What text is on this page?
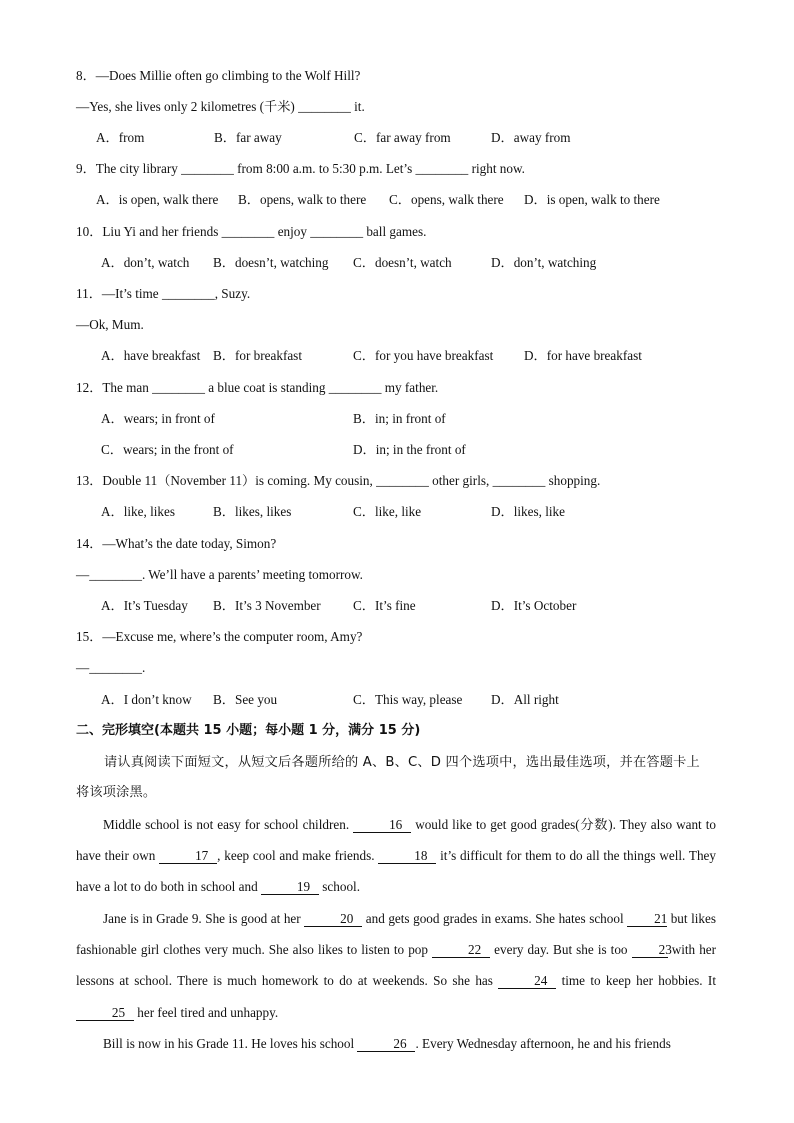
8．—Does Millie often go climbing to the Wolf Hill?
—Yes, she lives only 2 kilometres (千米) ________ it.
A．from	B．far away	C．far away from	D．away from
9．The city library ________ from 8:00 a.m. to 5:30 p.m. Let’s ________ right now.
A．is open, walk there B．opens, walk to there C．opens, walk there D．is open, walk to there
10．Liu Yi and her friends ________ enjoy ________ ball games.
A．don’t, watch B．doesn’t, watching C．doesn’t, watch	D．don’t, watching
11．—It’s time ________, Suzy.
—Ok, Mum.
A．have breakfast B．for breakfast	C．for you have breakfast D．for have breakfast
12．The man ________ a blue coat is standing ________ my father.
A．wears; in front of	B．in; in front of
C．wears; in the front of	D．in; in the front of
13．Double 11（November 11）is coming. My cousin, ________ other girls, ________ shopping.
A．like, likes	B．likes, likes	C．like, like	D．likes, like
14．—What’s the date today, Simon?
—________. We’ll have a parents’ meeting tomorrow.
A．It’s Tuesday B．It’s 3 November C．It’s fine	D．It’s October
15．—Excuse me, where’s the computer room, Amy?
—________.
A．I don’t know B．See you	C．This way, please D．All right
二、完形填空(本题共 15 小题；每小题 1 分，满分 15 分)
请认真阅读下面短文，从短文后各题所给的 A、B、C、D 四个选项中，选出最佳选项，并在答题卡上
将该项涂黑。
Middle school is not easy for school children.	16 would like to get good grades(分数). They also want to have their own	17 , keep cool and make friends.	18 it’s difficult for them to do all the things well. They have a lot to do both in school and	19 school.
Jane is in Grade 9. She is good at her	20 and gets good grades in exams. She hates school 21 but likes fashionable girl clothes very much. She also likes to listen to pop	22 every day. But she is too 23 with her lessons at school. There is much homework to do at weekends. So she has	24 time to keep her hobbies. It 25 her feel tired and unhappy.
Bill is now in his Grade 11. He loves his school	26 . Every Wednesday afternoon, he and his friends
